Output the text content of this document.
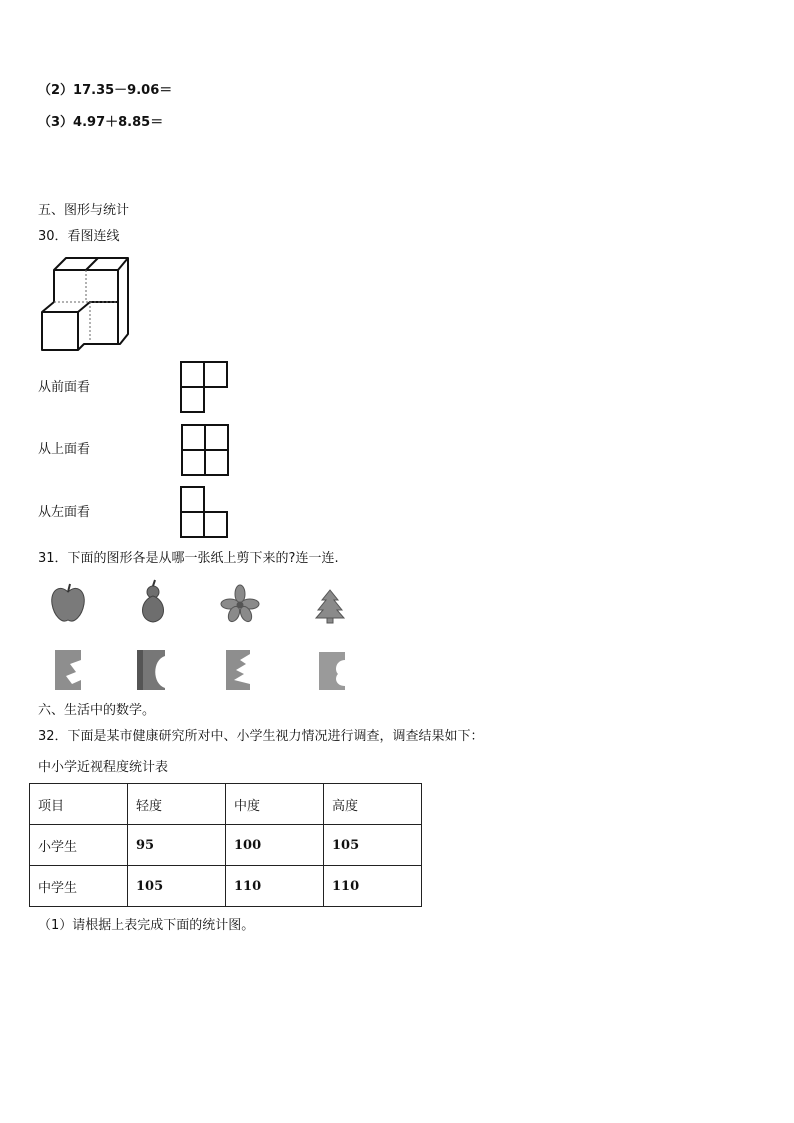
（2）17.35－9.06＝
（3）4.97＋8.85＝
五、图形与统计
30．看图连线
从前面看
从上面看
从左面看
31．下面的图形各是从哪一张纸上剪下来的?连一连.
六、生活中的数学。
32．下面是某市健康研究所对中、小学生视力情况进行调查，调查结果如下：
中小学近视程度统计表
项目	轻度	中度	高度
小学生	95	100	105
中学生	105	110	110
（1）请根据上表完成下面的统计图。
